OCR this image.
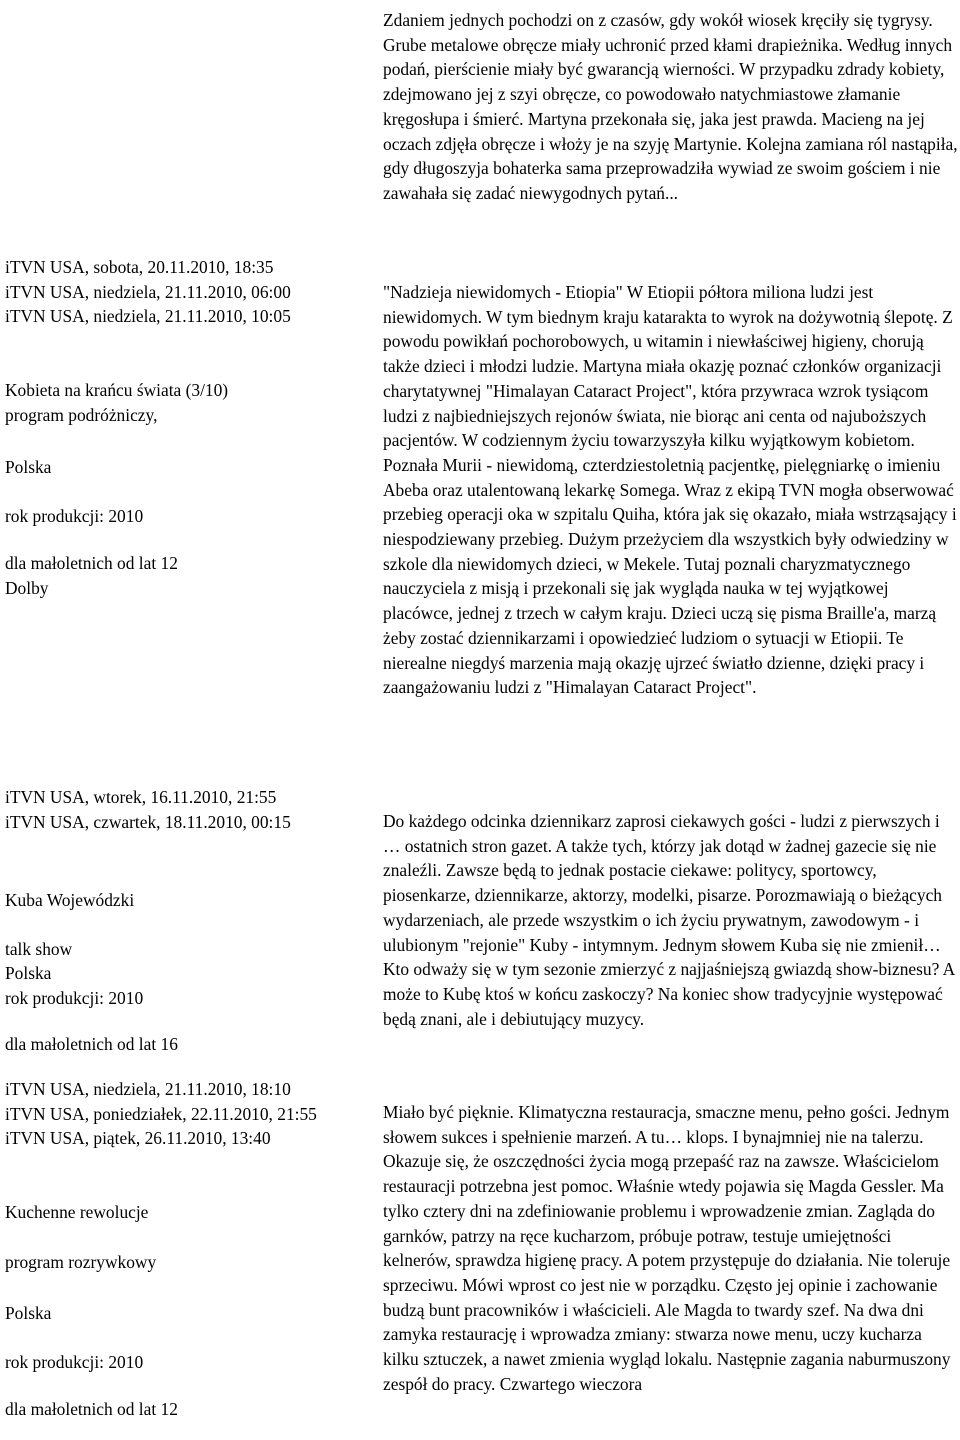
Zdaniem jednych pochodzi on z czasów, gdy wokół wiosek kręciły się tygrysy. Grube metalowe obręcze miały uchronić przed kłami drapieżnika. Według innych podań, pierścienie miały być gwarancją wierności. W przypadku zdrady kobiety, zdejmowano jej z szyi obręcze, co powodowało natychmiastowe złamanie kręgosłupa i śmierć. Martyna przekonała się, jaka jest prawda. Macieng na jej oczach zdjęła obręcze i włoży je na szyję Martynie. Kolejna zamiana ról nastąpiła, gdy długoszyja bohaterka sama przeprowadziła wywiad ze swoim gościem i nie zawahała się zadać niewygodnych pytań...

"Nadzieja niewidomych - Etiopia" W Etiopii półtora miliona ludzi jest niewidomych. W tym biednym kraju katarakta to wyrok na dożywotnią ślepotę. Z powodu powikłań pochorobowych, u witamin i niewłaściwej higieny, chorują także dzieci i młodzi ludzie. Martyna miała okazję poznać członków organizacji charytatywnej "Himalayan Cataract Project", która przywraca wzrok tysiącom ludzi z najbiedniejszych rejonów świata, nie biorąc ani centa od najuboższych pacjentów. W codziennym życiu towarzyszyła kilku wyjątkowym kobietom. Poznała Murii - niewidomą, czterdziestoletnią pacjentkę, pielęgniarkę o imieniu Abeba oraz utalentowaną lekarkę Somega. Wraz z ekipą TVN mogła obserwować przebieg operacji oka w szpitalu Quiha, która jak się okazało, miała wstrząsający i niespodziewany przebieg. Dużym przeżyciem dla wszystkich były odwiedziny w szkole dla niewidomych dzieci, w Mekele. Tutaj poznali charyzmatycznego nauczyciela z misją i przekonali się jak wygląda nauka w tej wyjątkowej placówce, jednej z trzech w całym kraju. Dzieci uczą się pisma Braille'a, marzą żeby zostać dziennikarzami i opowiedzieć ludziom o sytuacji w Etiopii. Te nierealne niegdyś marzenia mają okazję ujrzeć światło dzienne, dzięki pracy i zaangażowaniu ludzi z "Himalayan Cataract Project".

Do każdego odcinka dziennikarz zaprosi ciekawych gości - ludzi z pierwszych i … ostatnich stron gazet. A także tych, którzy jak dotąd w żadnej gazecie się nie znaleźli. Zawsze będą to jednak postacie ciekawe: politycy, sportowcy, piosenkarze, dziennikarze, aktorzy, modelki, pisarze. Porozmawiają o bieżących wydarzeniach, ale przede wszystkim o ich życiu prywatnym, zawodowym - i ulubionym "rejonie" Kuby - intymnym. Jednym słowem Kuba się nie zmienił… Kto odważy się w tym sezonie zmierzyć z najjaśniejszą gwiazdą show-biznesu? A może to Kubę ktoś w końcu zaskoczy? Na koniec show tradycyjnie występować będą znani, ale i debiutujący muzycy.

Miało być pięknie. Klimatyczna restauracja, smaczne menu, pełno gości. Jednym słowem sukces i spełnienie marzeń. A tu… klops. I bynajmniej nie na talerzu. Okazuje się, że oszczędności życia mogą przepaść raz na zawsze. Właścicielom restauracji potrzebna jest pomoc. Właśnie wtedy pojawia się Magda Gessler. Ma tylko cztery dni na zdefiniowanie problemu i wprowadzenie zmian. Zagląda do garnków, patrzy na ręce kucharzom, próbuje potraw, testuje umiejętności kelnerów, sprawdza higienę pracy. A potem przystępuje do działania. Nie toleruje sprzeciwu. Mówi wprost co jest nie w porządku. Często jej opinie i zachowanie budzą bunt pracowników i właścicieli. Ale Magda to twardy szef. Na dwa dni zamyka restaurację i wprowadza zmiany: stwarza nowe menu, uczy kucharza kilku sztuczek, a nawet zmienia wygląd lokalu. Następnie zagania naburmuszony zespół do pracy. Czwartego wieczora

iTVN USA, sobota, 20.11.2010, 18:35
iTVN USA, niedziela, 21.11.2010, 06:00
iTVN USA, niedziela, 21.11.2010, 10:05
Kobieta na krańcu świata (3/10)
program podróżniczy,
Polska
rok produkcji: 2010
dla małoletnich od lat 12
Dolby
iTVN USA, wtorek, 16.11.2010, 21:55
iTVN USA, czwartek, 18.11.2010, 00:15
Kuba Wojewódzki
talk show
Polska
rok produkcji: 2010
dla małoletnich od lat 16
iTVN USA, niedziela, 21.11.2010, 18:10
iTVN USA, poniedziałek, 22.11.2010, 21:55
iTVN USA, piątek, 26.11.2010, 13:40
Kuchenne rewolucje
program rozrywkowy
Polska
rok produkcji: 2010
dla małoletnich od lat 12
